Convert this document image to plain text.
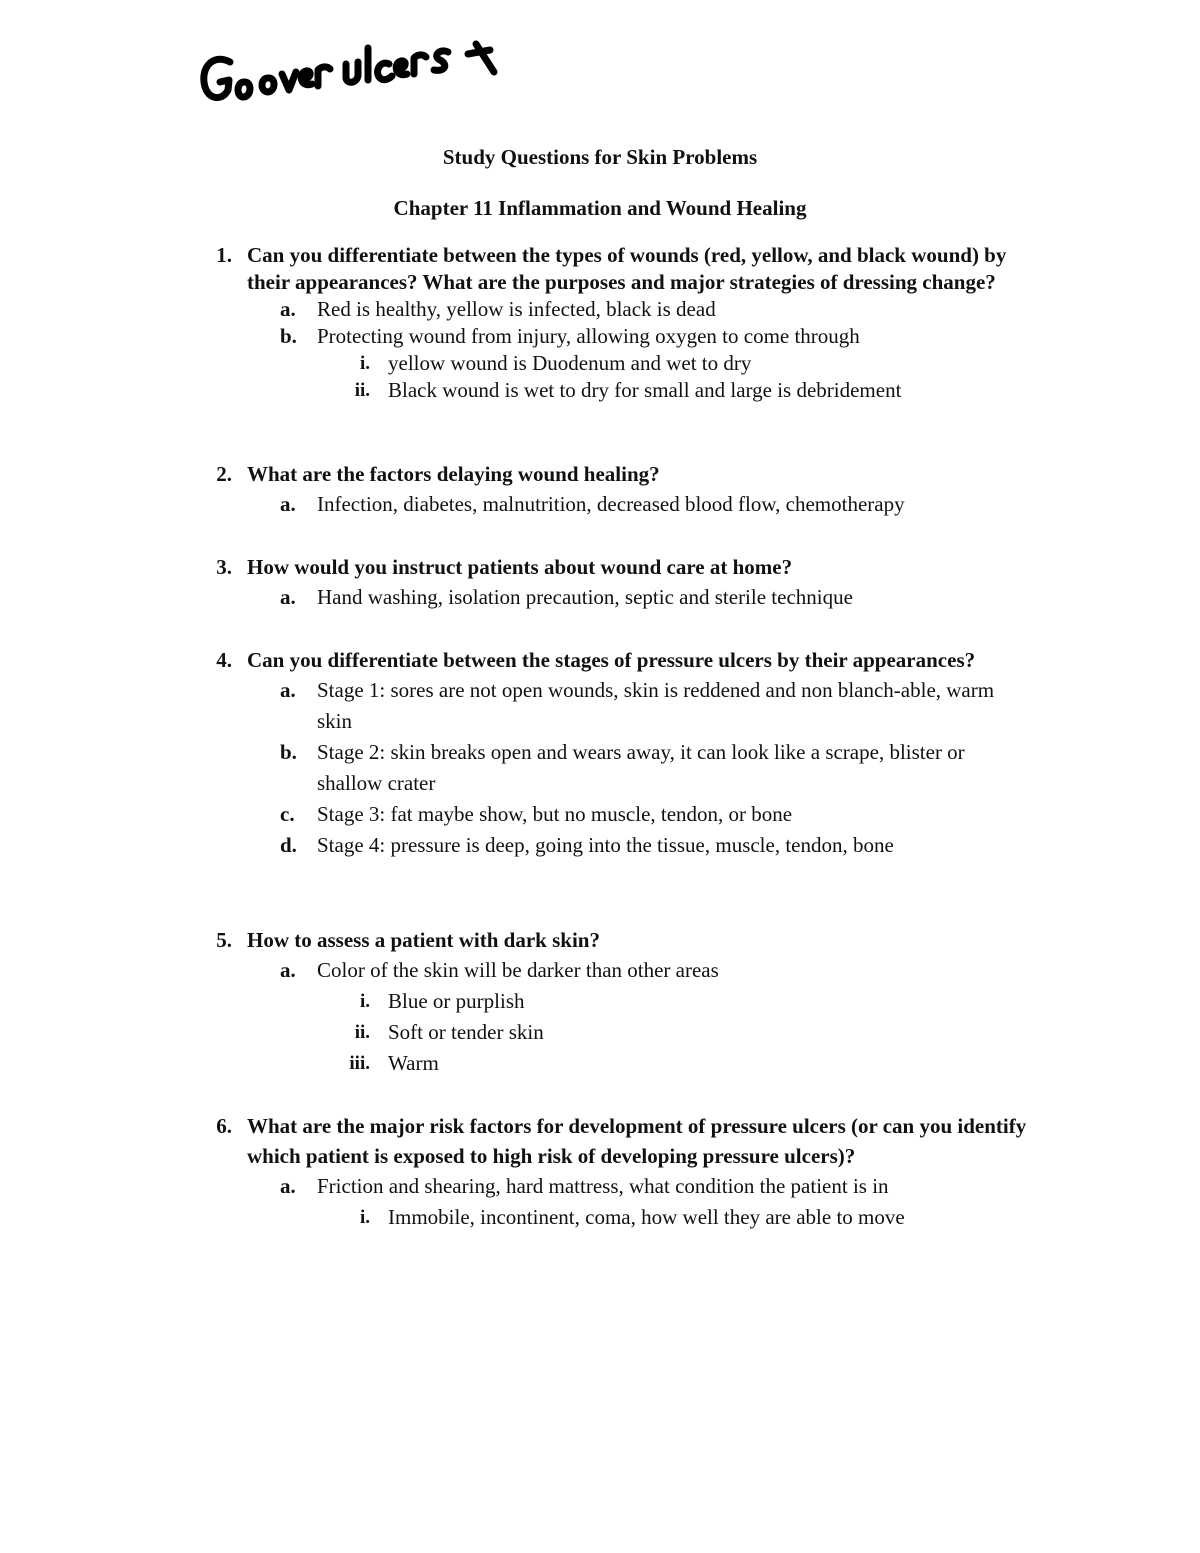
Study Questions for Skin Problems
Chapter 11 Inflammation and Wound Healing
1. Can you differentiate between the types of wounds (red, yellow, and black wound) by their appearances? What are the purposes and major strategies of dressing change?
a. Red is healthy, yellow is infected, black is dead
b. Protecting wound from injury, allowing oxygen to come through
i. yellow wound is Duodenum and wet to dry
ii. Black wound is wet to dry for small and large is debridement
2. What are the factors delaying wound healing?
a. Infection, diabetes, malnutrition, decreased blood flow, chemotherapy
3. How would you instruct patients about wound care at home?
a. Hand washing, isolation precaution, septic and sterile technique
4. Can you differentiate between the stages of pressure ulcers by their appearances?
a. Stage 1: sores are not open wounds, skin is reddened and non blanch-able, warm skin
b. Stage 2: skin breaks open and wears away, it can look like a scrape, blister or shallow crater
c. Stage 3: fat maybe show, but no muscle, tendon, or bone
d. Stage 4: pressure is deep, going into the tissue, muscle, tendon, bone
5. How to assess a patient with dark skin?
a. Color of the skin will be darker than other areas
i. Blue or purplish
ii. Soft or tender skin
iii. Warm
6. What are the major risk factors for development of pressure ulcers (or can you identify which patient is exposed to high risk of developing pressure ulcers)?
a. Friction and shearing, hard mattress, what condition the patient is in
i. Immobile, incontinent, coma, how well they are able to move
